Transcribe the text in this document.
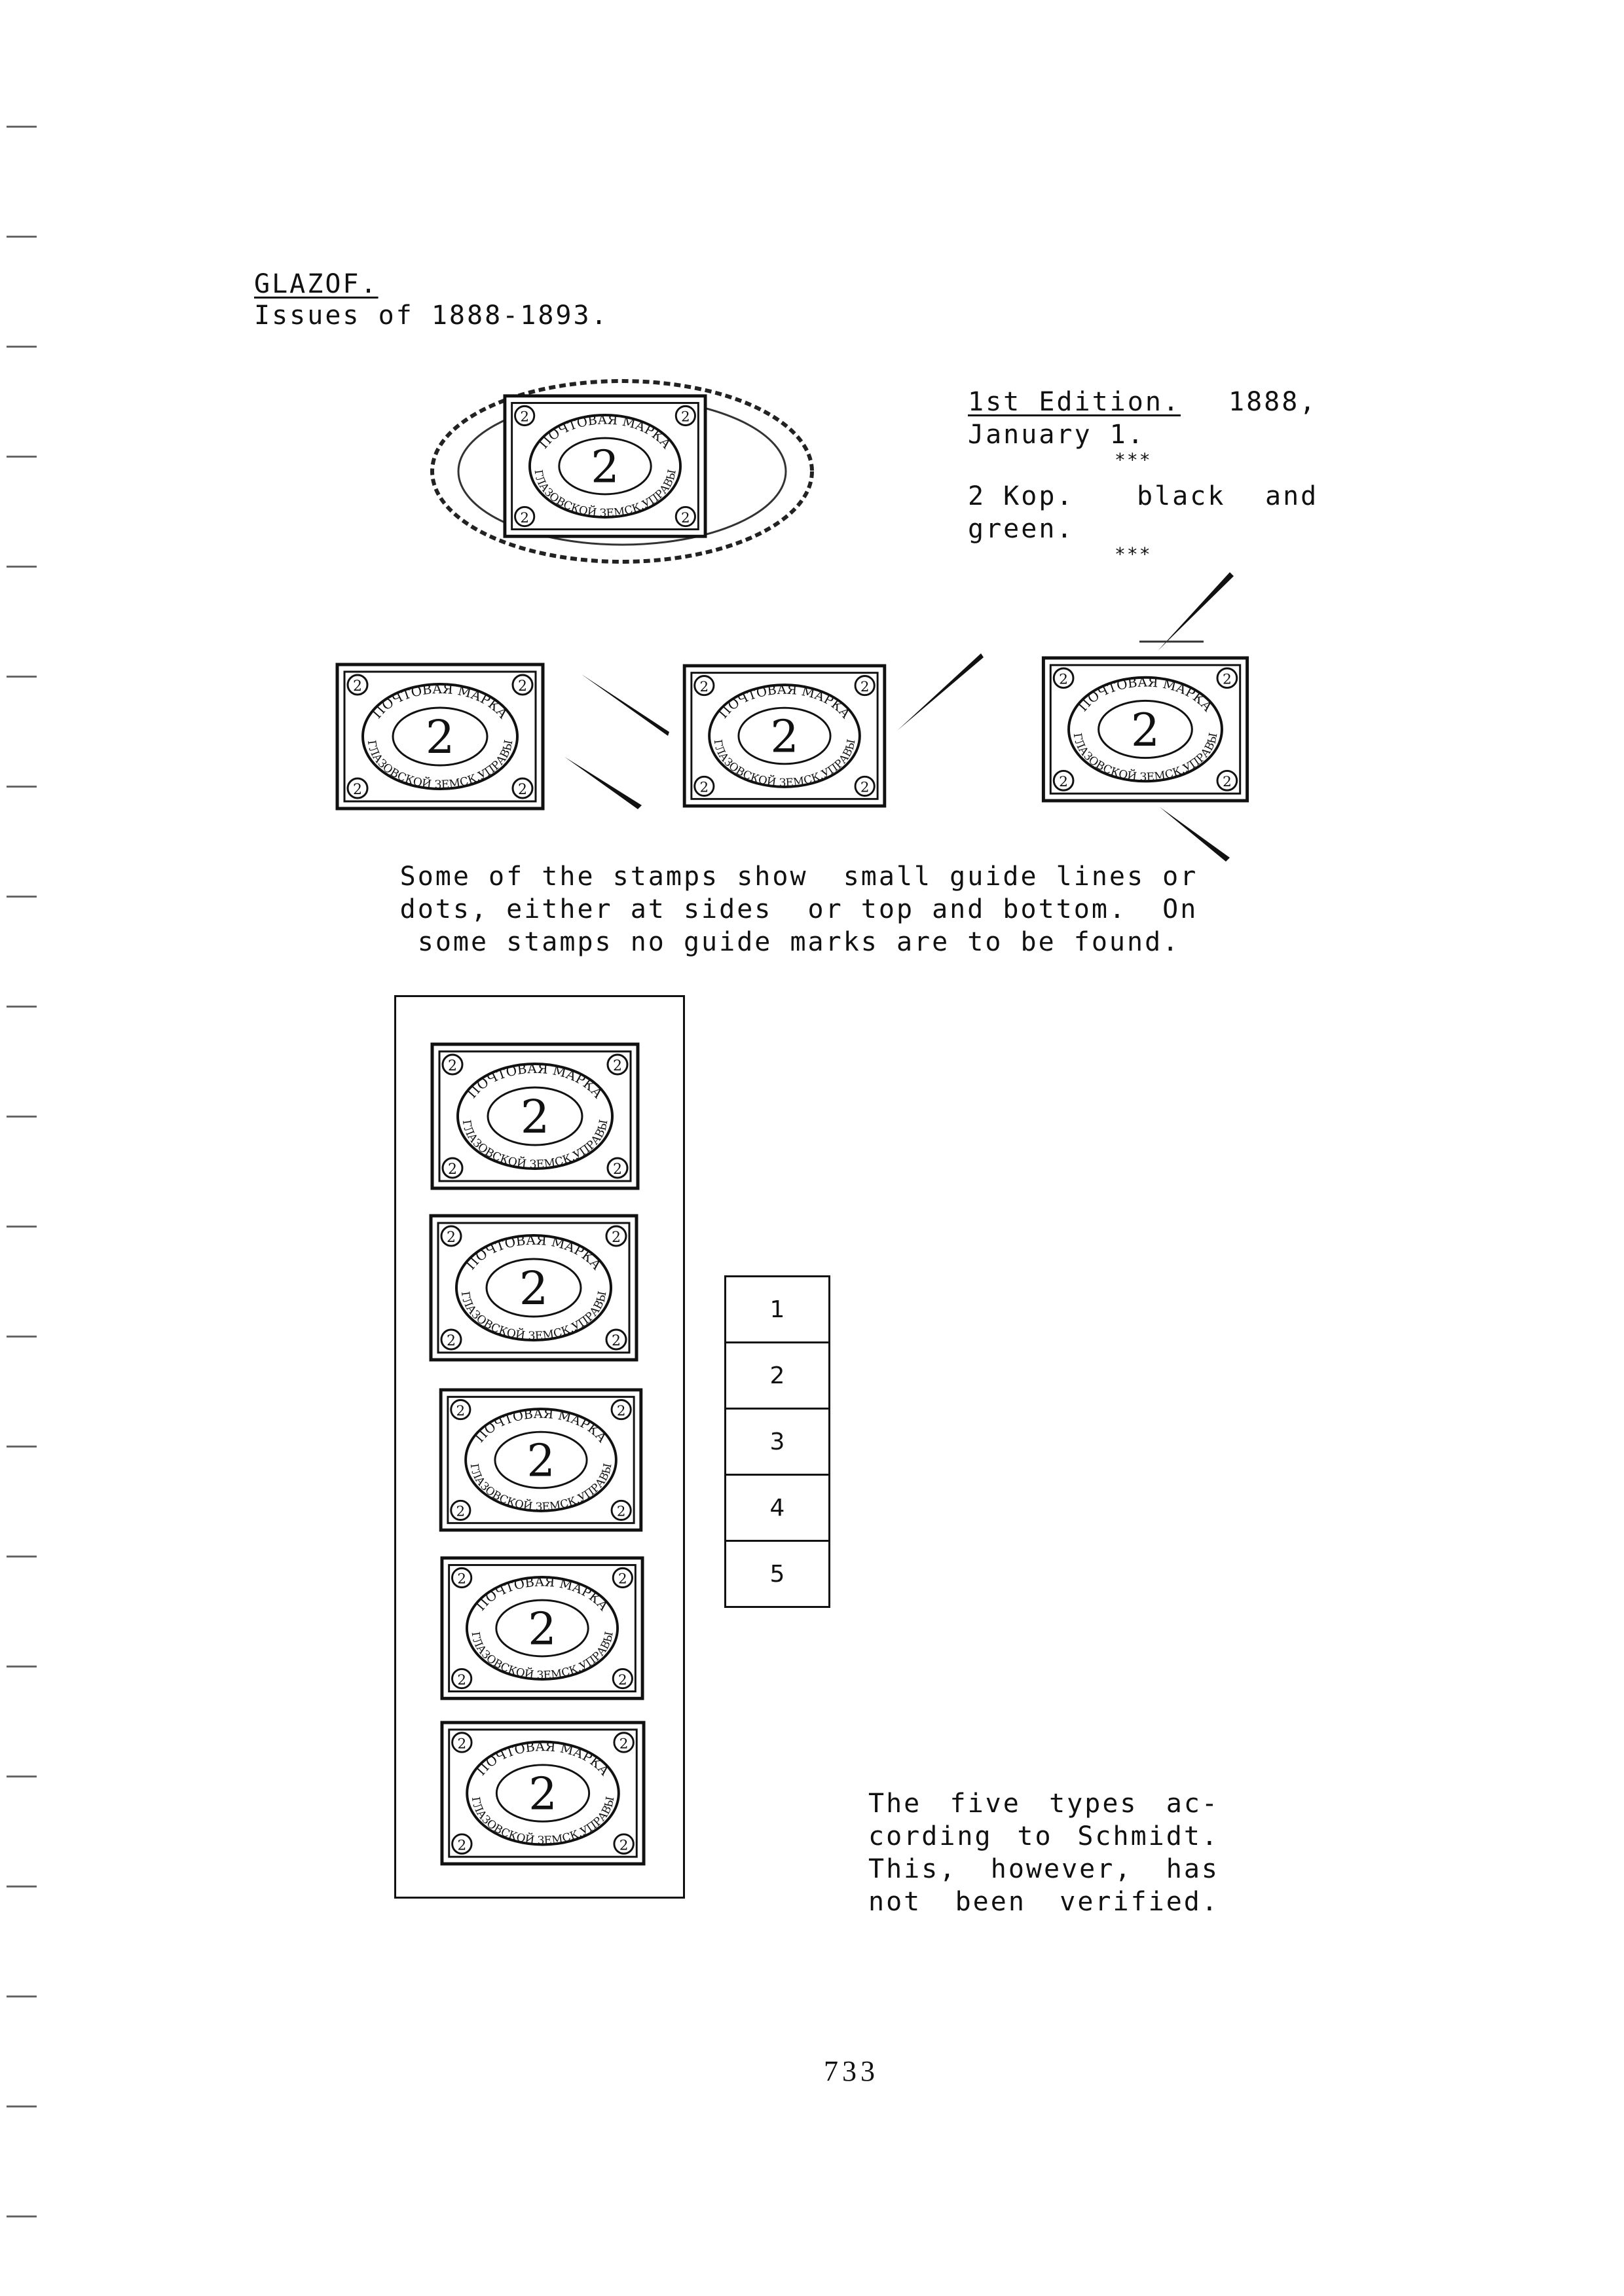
GLAZOF.
Issues of 1888-1893.
1st Edition. 1888,
January 1.
***
2 Kop. black and
green.
***
2	2
2	2
ПОЧТОВАЯ МАРКА
ГЛАЗОВСКОЙ ЗЕМСК.УПРАВЫ
2
2	2
2	2
ПОЧТОВАЯ МАРКА
ГЛАЗОВСКОЙ ЗЕМСК.УПРАВЫ
2
2	2
2	2
ПОЧТОВАЯ МАРКА
ГЛАЗОВСКОЙ ЗЕМСК.УПРАВЫ
2
2	2
2	2
ПОЧТОВАЯ МАРКА
ГЛАЗОВСКОЙ ЗЕМСК.УПРАВЫ
2
Some of the stamps show  small guide lines or
dots, either at sides  or top and bottom.  On
some stamps no guide marks are to be found.
2	2
2	2
ПОЧТОВАЯ МАРКА
ГЛАЗОВСКОЙ ЗЕМСК.УПРАВЫ
2
2	2
2	2
ПОЧТОВАЯ МАРКА
ГЛАЗОВСКОЙ ЗЕМСК.УПРАВЫ
2
2	2
2	2
ПОЧТОВАЯ МАРКА
ГЛАЗОВСКОЙ ЗЕМСК.УПРАВЫ
2
2	2
2	2
ПОЧТОВАЯ МАРКА
ГЛАЗОВСКОЙ ЗЕМСК.УПРАВЫ
2
2	2
2	2
ПОЧТОВАЯ МАРКА
ГЛАЗОВСКОЙ ЗЕМСК.УПРАВЫ
2
1
2
3
4
5
The five types ac-
cording to Schmidt.
This, however, has
not been verified.
733
